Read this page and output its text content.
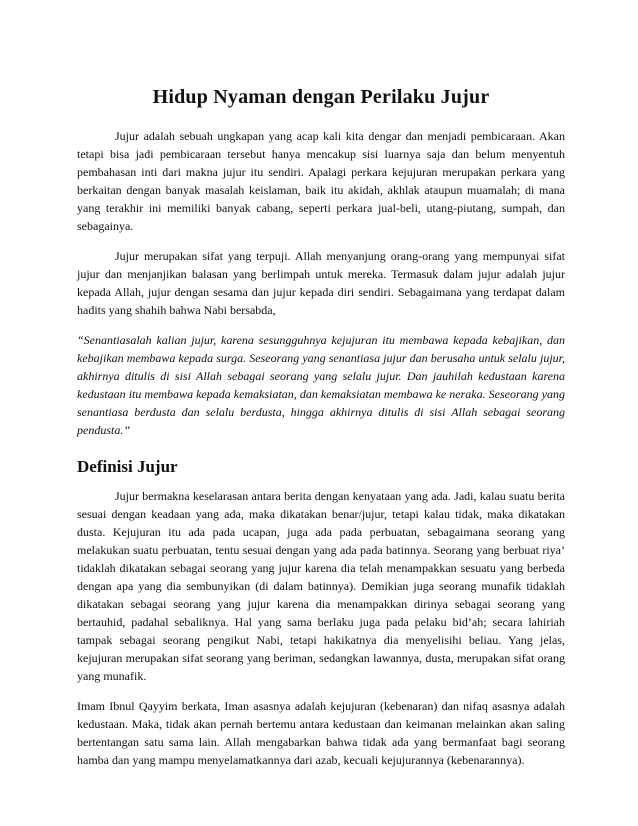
Hidup Nyaman dengan Perilaku Jujur

Jujur adalah sebuah ungkapan yang acap kali kita dengar dan menjadi pembicaraan. Akan tetapi bisa jadi pembicaraan tersebut hanya mencakup sisi luarnya saja dan belum menyentuh pembahasan inti dari makna jujur itu sendiri. Apalagi perkara kejujuran merupakan perkara yang berkaitan dengan banyak masalah keislaman, baik itu akidah, akhlak ataupun muamalah; di mana yang terakhir ini memiliki banyak cabang, seperti perkara jual-beli, utang-piutang, sumpah, dan sebagainya.

Jujur merupakan sifat yang terpuji. Allah menyanjung orang-orang yang mempunyai sifat jujur dan menjanjikan balasan yang berlimpah untuk mereka. Termasuk dalam jujur adalah jujur kepada Allah, jujur dengan sesama dan jujur kepada diri sendiri. Sebagaimana yang terdapat dalam hadits yang shahih bahwa Nabi bersabda,

“Senantiasalah kalian jujur, karena sesungguhnya kejujuran itu membawa kepada kebajikan, dan kebajikan membawa kepada surga. Seseorang yang senantiasa jujur dan berusaha untuk selalu jujur, akhirnya ditulis di sisi Allah sebagai seorang yang selalu jujur. Dan jauhilah kedustaan karena kedustaan itu membawa kepada kemaksiatan, dan kemaksiatan membawa ke neraka. Seseorang yang senantiasa berdusta dan selalu berdusta, hingga akhirnya ditulis di sisi Allah sebagai seorang pendusta.”

Definisi Jujur

Jujur bermakna keselarasan antara berita dengan kenyataan yang ada. Jadi, kalau suatu berita sesuai dengan keadaan yang ada, maka dikatakan benar/jujur, tetapi kalau tidak, maka dikatakan dusta. Kejujuran itu ada pada ucapan, juga ada pada perbuatan, sebagaimana seorang yang melakukan suatu perbuatan, tentu sesuai dengan yang ada pada batinnya. Seorang yang berbuat riya’ tidaklah dikatakan sebagai seorang yang jujur karena dia telah menampakkan sesuatu yang berbeda dengan apa yang dia sembunyikan (di dalam batinnya). Demikian juga seorang munafik tidaklah dikatakan sebagai seorang yang jujur karena dia menampakkan dirinya sebagai seorang yang bertauhid, padahal sebaliknya. Hal yang sama berlaku juga pada pelaku bid’ah; secara lahiriah tampak sebagai seorang pengikut Nabi, tetapi hakikatnya dia menyelisihi beliau. Yang jelas, kejujuran merupakan sifat seorang yang beriman, sedangkan lawannya, dusta, merupakan sifat orang yang munafik.

Imam Ibnul Qayyim berkata, Iman asasnya adalah kejujuran (kebenaran) dan nifaq asasnya adalah kedustaan. Maka, tidak akan pernah bertemu antara kedustaan dan keimanan melainkan akan saling bertentangan satu sama lain. Allah mengabarkan bahwa tidak ada yang bermanfaat bagi seorang hamba dan yang mampu menyelamatkannya dari azab, kecuali kejujurannya (kebenarannya).
